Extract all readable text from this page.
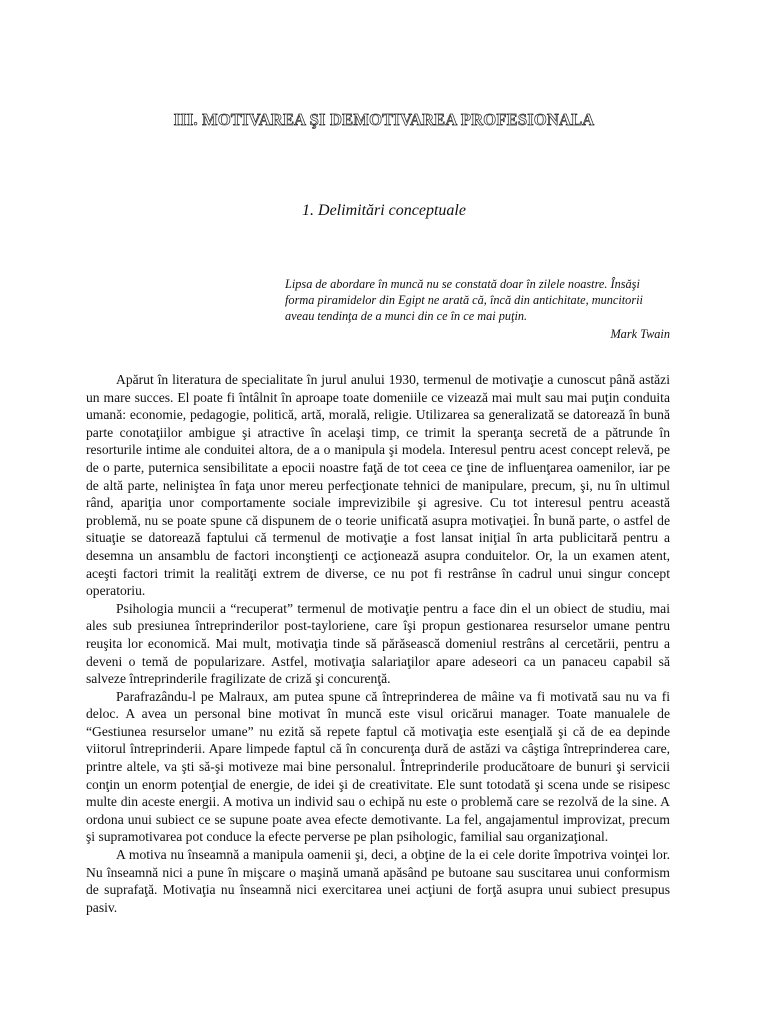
III. MOTIVAREA ŞI DEMOTIVAREA PROFESIONALA
1. Delimitări conceptuale
Lipsa de abordare în muncă nu se constată doar în zilele noastre. Însăşi forma piramidelor din Egipt ne arată că, încă din antichitate, muncitorii aveau tendinţa de a munci din ce în ce mai puţin.
Mark Twain

Apărut în literatura de specialitate în jurul anului 1930, termenul de motivaţie a cunoscut până astăzi un mare succes. El poate fi întâlnit în aproape toate domeniile ce vizează mai mult sau mai puţin conduita umană: economie, pedagogie, politică, artă, morală, religie. Utilizarea sa generalizată se datorează în bună parte conotaţiilor ambigue şi atractive în acelaşi timp, ce trimit la speranţa secretă de a pătrunde în resorturile intime ale conduitei altora, de a o manipula şi modela. Interesul pentru acest concept relevă, pe de o parte, puternica sensibilitate a epocii noastre faţă de tot ceea ce ţine de influenţarea oamenilor, iar pe de altă parte, neliniştea în faţa unor mereu perfecţionate tehnici de manipulare, precum, şi, nu în ultimul rând, apariţia unor comportamente sociale imprevizibile şi agresive. Cu tot interesul pentru această problemă, nu se poate spune că dispunem de o teorie unificată asupra motivaţiei. În bună parte, o astfel de situaţie se datorează faptului că termenul de motivaţie a fost lansat iniţial în arta publicitară pentru a desemna un ansamblu de factori inconştienţi ce acţionează asupra conduitelor. Or, la un examen atent, aceşti factori trimit la realităţi extrem de diverse, ce nu pot fi restrânse în cadrul unui singur concept operatoriu.

Psihologia muncii a “recuperat” termenul de motivaţie pentru a face din el un obiect de studiu, mai ales sub presiunea întreprinderilor post-tayloriene, care îşi propun gestionarea resurselor umane pentru reuşita lor economică. Mai mult, motivaţia tinde să părăsească domeniul restrâns al cercetării, pentru a deveni o temă de popularizare. Astfel, motivaţia salariaţilor apare adeseori ca un panaceu capabil să salveze întreprinderile fragilizate de criză şi concurenţă.

Parafrazându-l pe Malraux, am putea spune că întreprinderea de mâine va fi motivată sau nu va fi deloc. A avea un personal bine motivat în muncă este visul oricărui manager. Toate manualele de “Gestiunea resurselor umane” nu ezită să repete faptul că motivaţia este esenţială şi că de ea depinde viitorul întreprinderii. Apare limpede faptul că în concurenţa dură de astăzi va câştiga întreprinderea care, printre altele, va şti să-şi motiveze mai bine personalul. Întreprinderile producătoare de bunuri şi servicii conţin un enorm potenţial de energie, de idei şi de creativitate. Ele sunt totodată şi scena unde se risipesc multe din aceste energii. A motiva un individ sau o echipă nu este o problemă care se rezolvă de la sine. A ordona unui subiect ce se supune poate avea efecte demotivante. La fel, angajamentul improvizat, precum şi supramotivarea pot conduce la efecte perverse pe plan psihologic, familial sau organizaţional.

A motiva nu înseamnă a manipula oamenii şi, deci, a obţine de la ei cele dorite împotriva voinţei lor. Nu înseamnă nici a pune în mişcare o maşină umană apăsând pe butoane sau suscitarea unui conformism de suprafaţă. Motivaţia nu înseamnă nici exercitarea unei acţiuni de forţă asupra unui subiect presupus pasiv.
